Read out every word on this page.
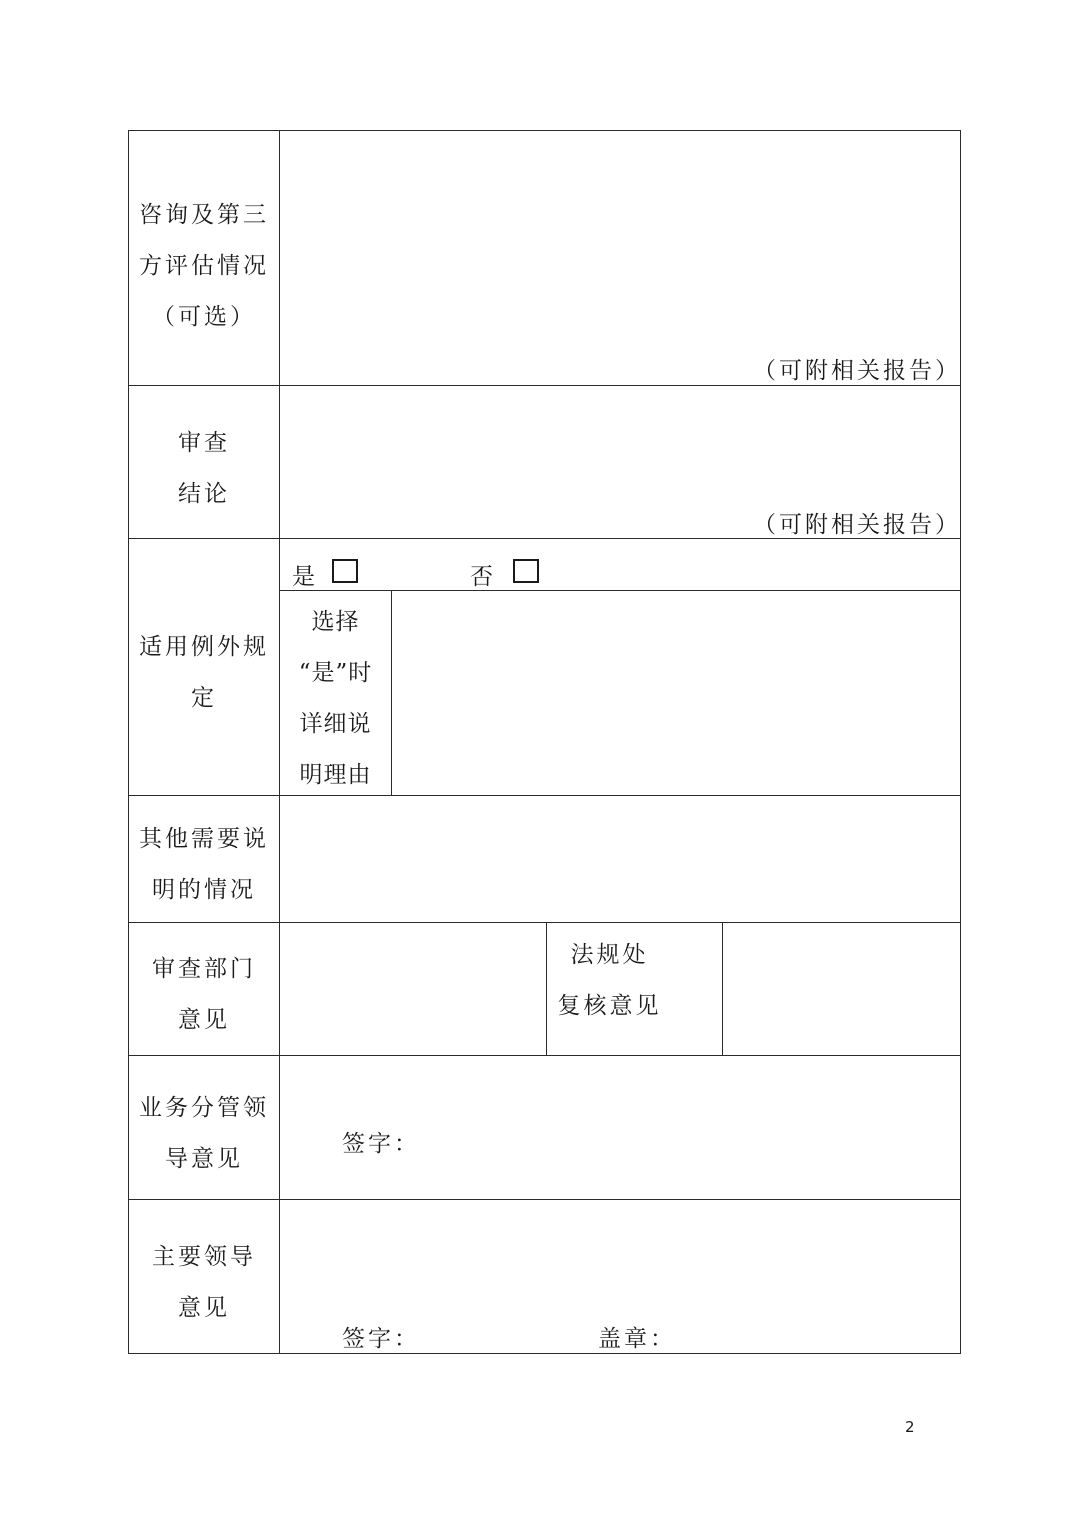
咨询及第三
方评估情况
（可选）
（可附相关报告）
审查
结论
（可附相关报告）
适用例外规
定
是	否
选择
“是”时
详细说
明理由
其他需要说
明的情况
审查部门
意见
法规处
复核意见
业务分管领
导意见
签字：
主要领导
意见
签字：	盖章：
2
